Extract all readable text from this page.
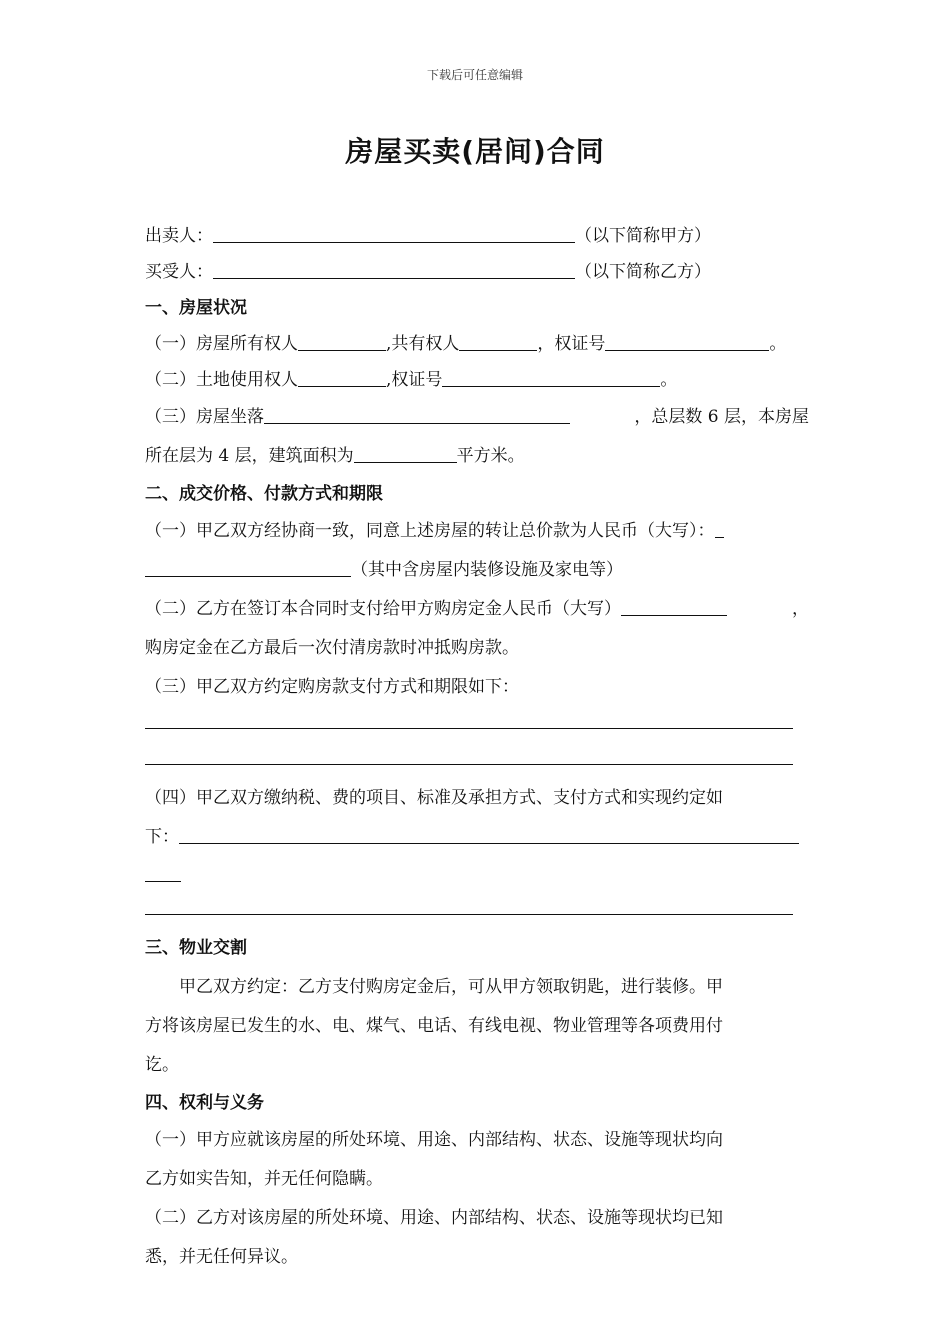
下载后可任意编辑
房屋买卖(居间)合同
出卖人：	（以下简称甲方）
买受人：	（以下简称乙方）
一、房屋状况
（一）房屋所有权人	,共有权人	，权证号	。
（二）土地使用权人	,权证号	。
（三）房屋坐落	，总层数 6 层，本房屋
所在层为 4 层，建筑面积为	平方米。
二、成交价格、付款方式和期限
（一）甲乙双方经协商一致，同意上述房屋的转让总价款为人民币（大写）：
（其中含房屋内装修设施及家电等）
（二）乙方在签订本合同时支付给甲方购房定金人民币（大写）	，
购房定金在乙方最后一次付清房款时冲抵购房款。
（三）甲乙双方约定购房款支付方式和期限如下：
（四）甲乙双方缴纳税、费的项目、标准及承担方式、支付方式和实现约定如
下：
三、物业交割
甲乙双方约定：乙方支付购房定金后，可从甲方领取钥匙，进行装修。甲
方将该房屋已发生的水、电、煤气、电话、有线电视、物业管理等各项费用付
讫。
四、权利与义务
（一）甲方应就该房屋的所处环境、用途、内部结构、状态、设施等现状均向
乙方如实告知，并无任何隐瞒。
（二）乙方对该房屋的所处环境、用途、内部结构、状态、设施等现状均已知
悉，并无任何异议。
